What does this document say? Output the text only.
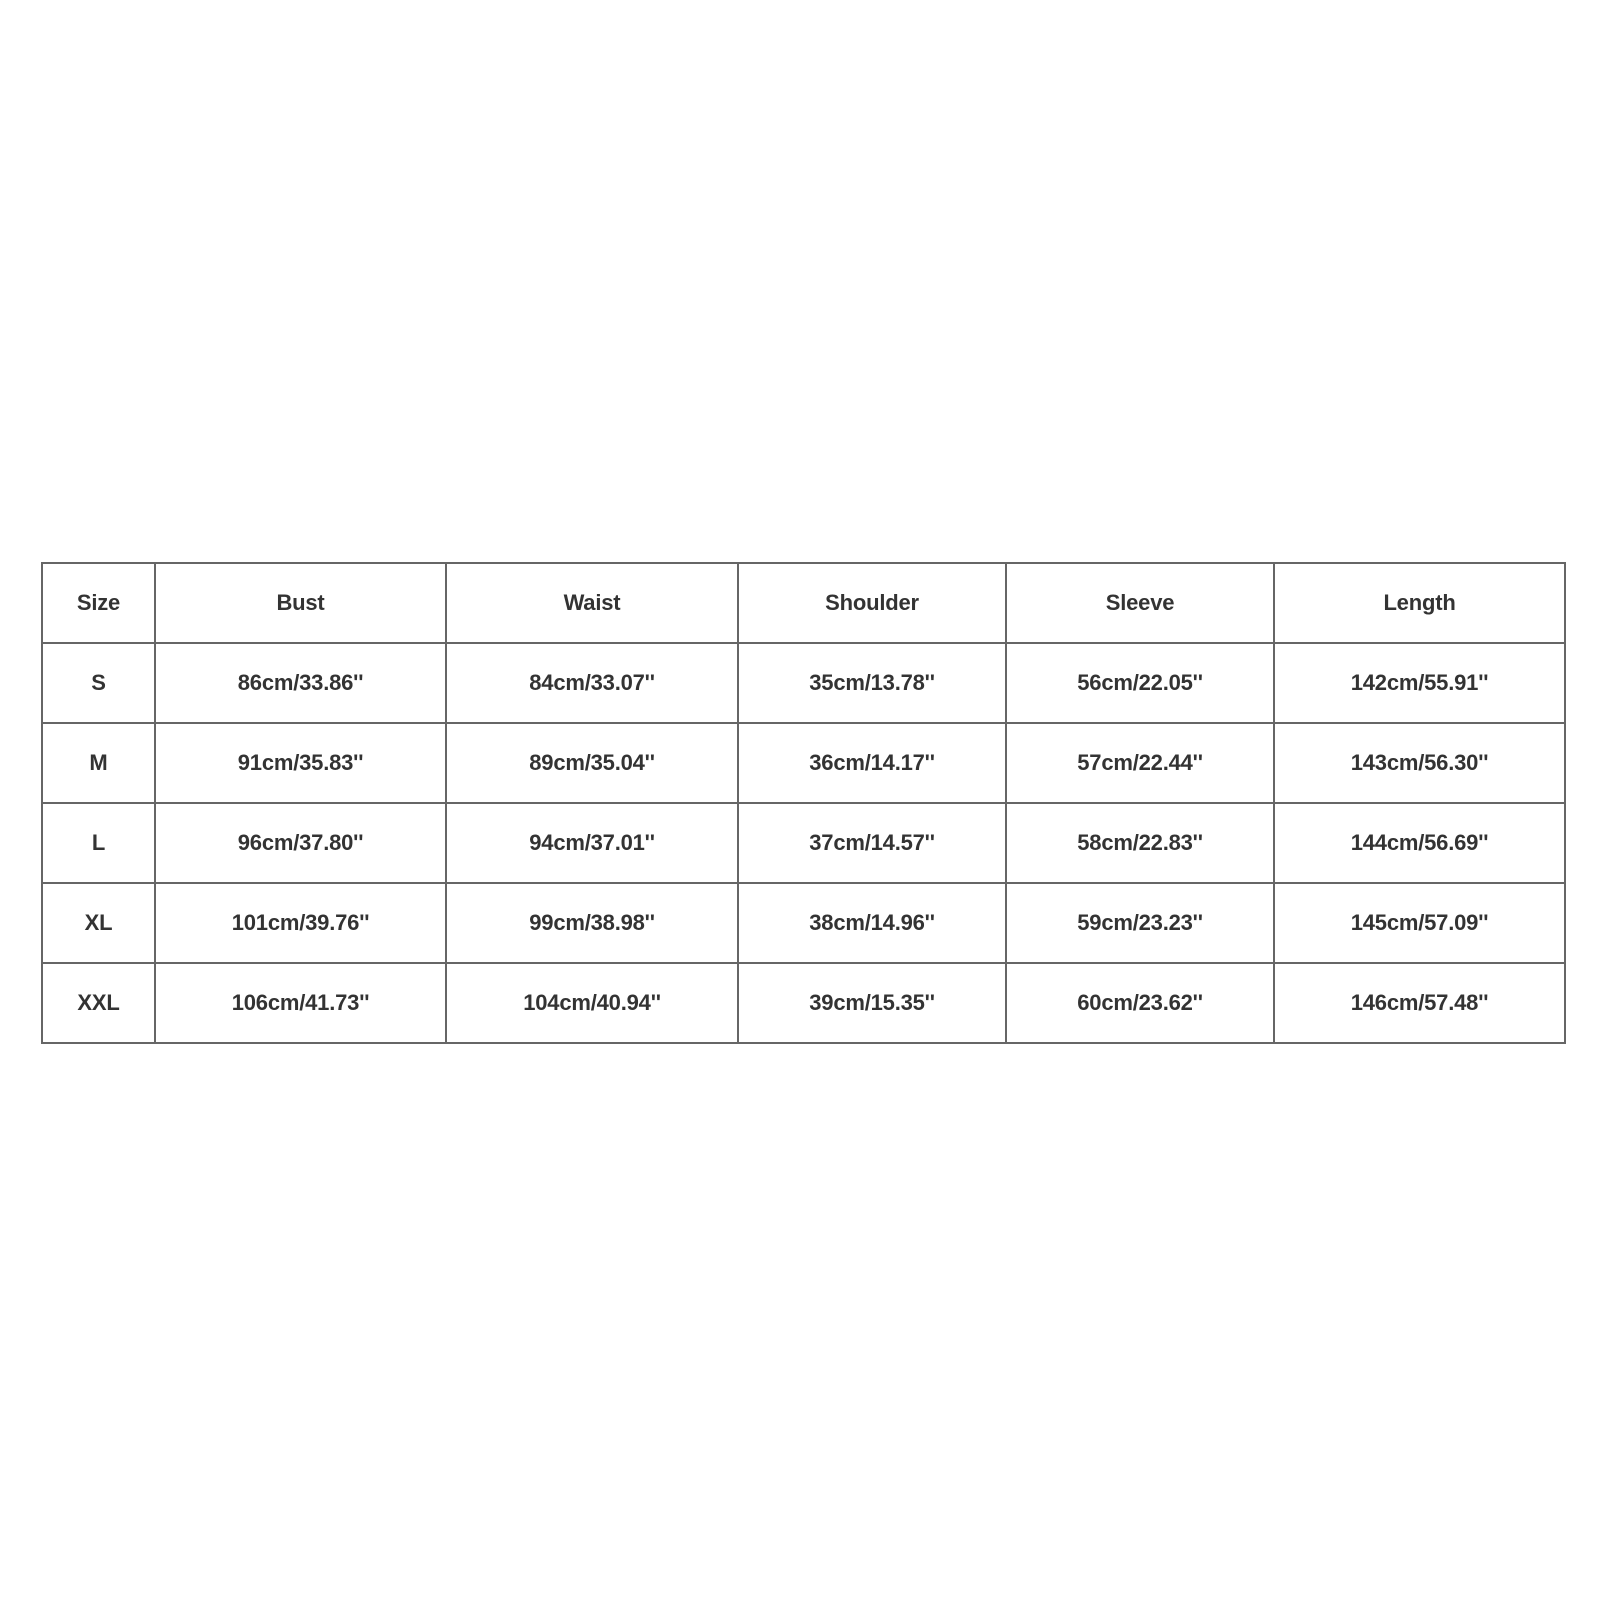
Size	Bust	Waist	Shoulder	Sleeve	Length
S	86cm/33.86''	84cm/33.07''	35cm/13.78''	56cm/22.05''	142cm/55.91''
M	91cm/35.83''	89cm/35.04''	36cm/14.17''	57cm/22.44''	143cm/56.30''
L	96cm/37.80''	94cm/37.01''	37cm/14.57''	58cm/22.83''	144cm/56.69''
XL	101cm/39.76''	99cm/38.98''	38cm/14.96''	59cm/23.23''	145cm/57.09''
XXL	106cm/41.73''	104cm/40.94''	39cm/15.35''	60cm/23.62''	146cm/57.48''
